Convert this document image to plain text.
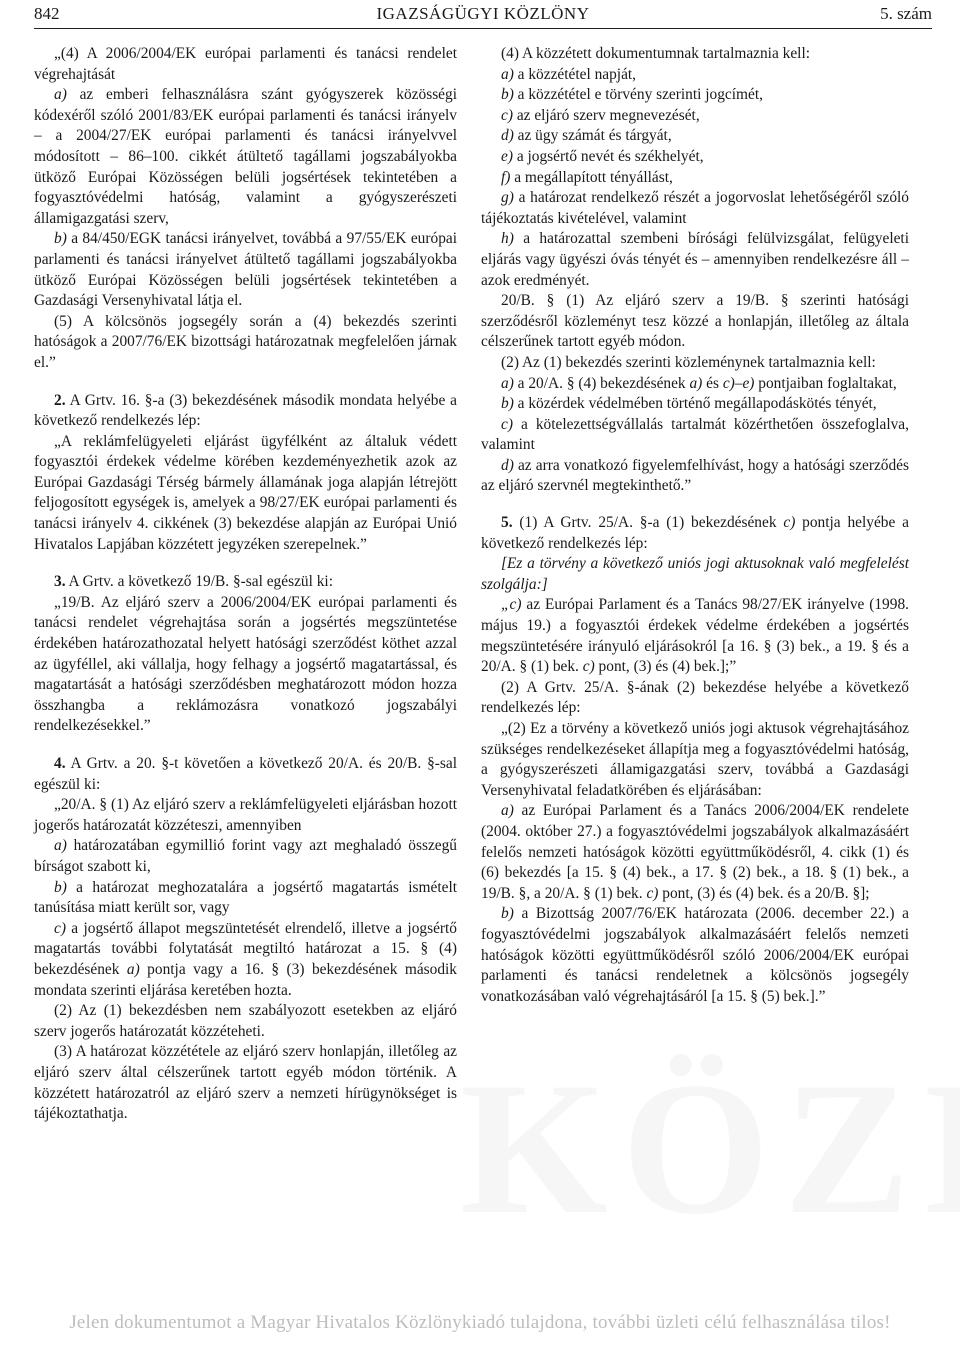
842	IGAZSÁGÜGYI KÖZLÖNY	5. szám

„(4) A 2006/2004/EK európai parlamenti és tanácsi rendelet végrehajtását

a) az emberi felhasználásra szánt gyógyszerek közösségi kódexéről szóló 2001/83/EK európai parlamenti és tanácsi irányelv – a 2004/27/EK európai parlamenti és tanácsi irányelvvel módosított – 86–100. cikkét átültető tagállami jogszabályokba ütköző Európai Közösségen belüli jogsértések tekintetében a fogyasztóvédelmi hatóság, valamint a gyógyszerészeti államigazgatási szerv,

b) a 84/450/EGK tanácsi irányelvet, továbbá a 97/55/EK európai parlamenti és tanácsi irányelvet átültető tagállami jogszabályokba ütköző Európai Közösségen belüli jogsértések tekintetében a Gazdasági Versenyhivatal látja el.

(5) A kölcsönös jogsegély során a (4) bekezdés szerinti hatóságok a 2007/76/EK bizottsági határozatnak megfelelően járnak el.”

2. A Grtv. 16. §-a (3) bekezdésének második mondata helyébe a következő rendelkezés lép:

„A reklámfelügyeleti eljárást ügyfélként az általuk védett fogyasztói érdekek védelme körében kezdeményezhetik azok az Európai Gazdasági Térség bármely államának joga alapján létrejött feljogosított egységek is, amelyek a 98/27/EK európai parlamenti és tanácsi irányelv 4. cikkének (3) bekezdése alapján az Európai Unió Hivatalos Lapjában közzétett jegyzéken szerepelnek.”

3. A Grtv. a következő 19/B. §-sal egészül ki:

„19/B. Az eljáró szerv a 2006/2004/EK európai parlamenti és tanácsi rendelet végrehajtása során a jogsértés megszüntetése érdekében határozathozatal helyett hatósági szerződést köthet azzal az ügyféllel, aki vállalja, hogy felhagy a jogsértő magatartással, és magatartását a hatósági szerződésben meghatározott módon hozza összhangba a reklámozásra vonatkozó jogszabályi rendelkezésekkel.”

4. A Grtv. a 20. §-t követően a következő 20/A. és 20/B. §-sal egészül ki:

„20/A. § (1) Az eljáró szerv a reklámfelügyeleti eljárásban hozott jogerős határozatát közzéteszi, amennyiben

a) határozatában egymillió forint vagy azt meghaladó összegű bírságot szabott ki,

b) a határozat meghozatalára a jogsértő magatartás ismételt tanúsítása miatt került sor, vagy

c) a jogsértő állapot megszüntetését elrendelő, illetve a jogsértő magatartás további folytatását megtiltó határozat a 15. § (4) bekezdésének a) pontja vagy a 16. § (3) bekezdésének második mondata szerinti eljárása keretében hozta.

(2) Az (1) bekezdésben nem szabályozott esetekben az eljáró szerv jogerős határozatát közzéteheti.

(3) A határozat közzététele az eljáró szerv honlapján, illetőleg az eljáró szerv által célszerűnek tartott egyéb módon történik. A közzétett határozatról az eljáró szerv a nemzeti hírügynökséget is tájékoztathatja.

(4) A közzétett dokumentumnak tartalmaznia kell:

a) a közzététel napját,

b) a közzététel e törvény szerinti jogcímét,

c) az eljáró szerv megnevezését,

d) az ügy számát és tárgyát,

e) a jogsértő nevét és székhelyét,

f) a megállapított tényállást,

g) a határozat rendelkező részét a jogorvoslat lehetőségéről szóló tájékoztatás kivételével, valamint

h) a határozattal szembeni bírósági felülvizsgálat, felügyeleti eljárás vagy ügyészi óvás tényét és – amennyiben rendelkezésre áll – azok eredményét.

20/B. § (1) Az eljáró szerv a 19/B. § szerinti hatósági szerződésről közleményt tesz közzé a honlapján, illetőleg az általa célszerűnek tartott egyéb módon.

(2) Az (1) bekezdés szerinti közleménynek tartalmaznia kell:

a) a 20/A. § (4) bekezdésének a) és c)–e) pontjaiban foglaltakat,

b) a közérdek védelmében történő megállapodáskötés tényét,

c) a kötelezettségvállalás tartalmát közérthetően összefoglalva, valamint

d) az arra vonatkozó figyelemfelhívást, hogy a hatósági szerződés az eljáró szervnél megtekinthető.”

5. (1) A Grtv. 25/A. §-a (1) bekezdésének c) pontja helyébe a következő rendelkezés lép:

[Ez a törvény a következő uniós jogi aktusoknak való megfelelést szolgálja:]

„c) az Európai Parlament és a Tanács 98/27/EK irányelve (1998. május 19.) a fogyasztói érdekek védelme érdekében a jogsértés megszüntetésére irányuló eljárásokról [a 16. § (3) bek., a 19. § és a 20/A. § (1) bek. c) pont, (3) és (4) bek.];”

(2) A Grtv. 25/A. §-ának (2) bekezdése helyébe a következő rendelkezés lép:

„(2) Ez a törvény a következő uniós jogi aktusok végrehajtásához szükséges rendelkezéseket állapítja meg a fogyasztóvédelmi hatóság, a gyógyszerészeti államigazgatási szerv, továbbá a Gazdasági Versenyhivatal feladatkörében és eljárásában:

a) az Európai Parlament és a Tanács 2006/2004/EK rendelete (2004. október 27.) a fogyasztóvédelmi jogszabályok alkalmazásáért felelős nemzeti hatóságok közötti együttműködésről, 4. cikk (1) és (6) bekezdés [a 15. § (4) bek., a 17. § (2) bek., a 18. § (1) bek., a 19/B. §, a 20/A. § (1) bek. c) pont, (3) és (4) bek. és a 20/B. §];

b) a Bizottság 2007/76/EK határozata (2006. december 22.) a fogyasztóvédelmi jogszabályok alkalmazásáért felelős nemzeti hatóságok közötti együttműködésről szóló 2006/2004/EK európai parlamenti és tanácsi rendeletnek a kölcsönös jogsegély vonatkozásában való végrehajtásáról [a 15. § (5) bek.].”

Jelen dokumentumot a Magyar Hivatalos Közlönykiadó tulajdona, további üzleti célú felhasználása tilos!
